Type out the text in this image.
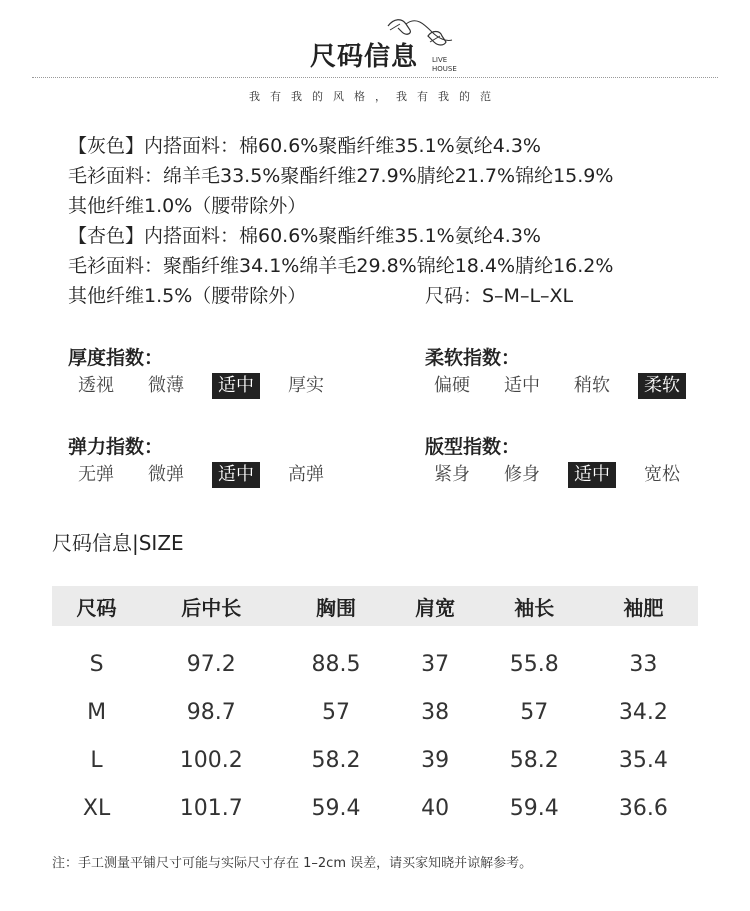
尺码信息 LIVE
HOUSE
我有我的风格，我有我的范
【灰色】内搭面料：棉60.6%聚酯纤维35.1%氨纶4.3%
毛衫面料：绵羊毛33.5%聚酯纤维27.9%腈纶21.7%锦纶15.9%
其他纤维1.0%（腰带除外）
【杏色】内搭面料：棉60.6%聚酯纤维35.1%氨纶4.3%
毛衫面料：聚酯纤维34.1%绵羊毛29.8%锦纶18.4%腈纶16.2%
其他纤维1.5%（腰带除外）	尺码：S–M–L–XL
厚度指数：
透视	微薄	适中	厚实
柔软指数：
偏硬	适中	稍软	柔软
弹力指数：
无弹	微弹	适中	高弹
版型指数：
紧身	修身	适中	宽松
尺码信息|SIZE
尺码	后中长	胸围	肩宽	袖长	袖肥
S	97.2	88.5	37	55.8	33
M	98.7	57	38	57	34.2
L	100.2	58.2	39	58.2	35.4
XL	101.7	59.4	40	59.4	36.6
注：手工测量平铺尺寸可能与实际尺寸存在 1–2cm 误差，请买家知晓并谅解参考。
